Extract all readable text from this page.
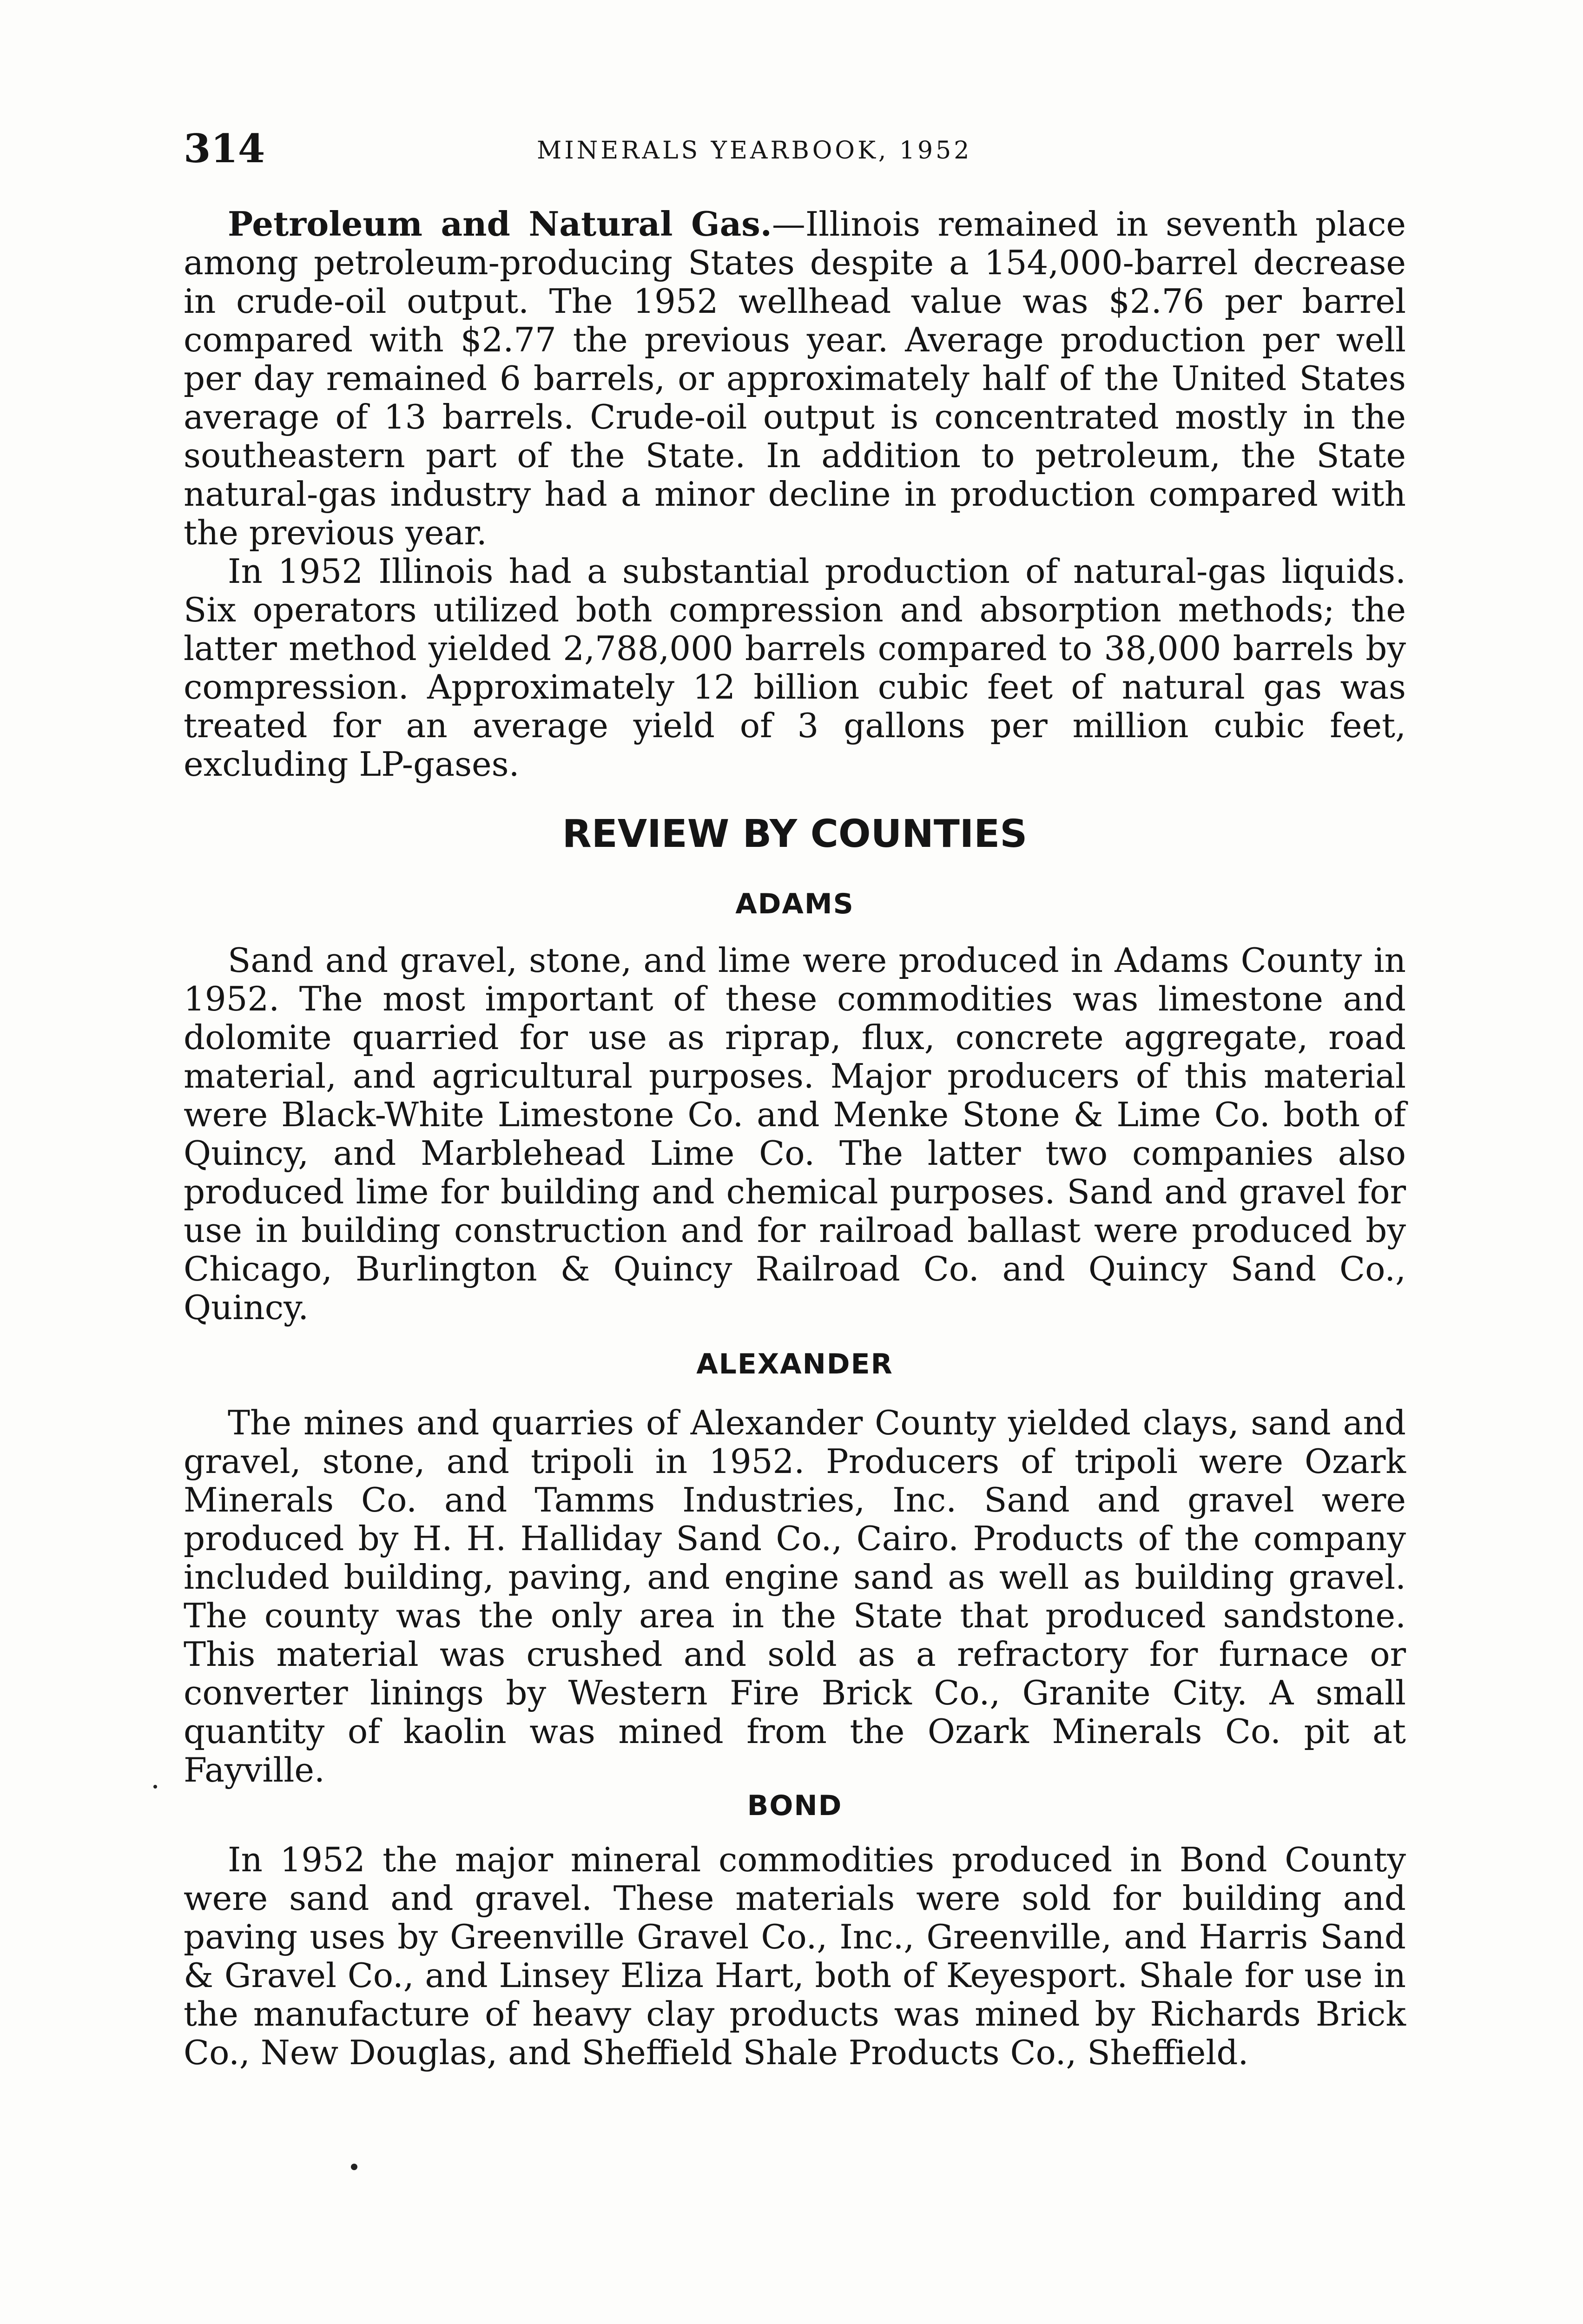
314	MINERALS YEARBOOK, 1952

Petroleum and Natural Gas.—Illinois remained in seventh place among petroleum-producing States despite a 154,000-barrel decrease in crude-oil output. The 1952 wellhead value was $2.76 per barrel compared with $2.77 the previous year. Average production per well per day remained 6 barrels, or approximately half of the United States average of 13 barrels. Crude-oil output is concentrated mostly in the southeastern part of the State. In addition to petroleum, the State natural-gas industry had a minor decline in production compared with the previous year.

In 1952 Illinois had a substantial production of natural-gas liquids. Six operators utilized both compression and absorption methods; the latter method yielded 2,788,000 barrels compared to 38,000 barrels by compression. Approximately 12 billion cubic feet of natural gas was treated for an average yield of 3 gallons per million cubic feet, excluding LP-gases.

REVIEW BY COUNTIES
ADAMS

Sand and gravel, stone, and lime were produced in Adams County in 1952. The most important of these commodities was limestone and dolomite quarried for use as riprap, flux, concrete aggregate, road material, and agricultural purposes. Major producers of this material were Black-White Limestone Co. and Menke Stone & Lime Co. both of Quincy, and Marblehead Lime Co. The latter two companies also produced lime for building and chemical purposes. Sand and gravel for use in building construction and for railroad ballast were produced by Chicago, Burlington & Quincy Railroad Co. and Quincy Sand Co., Quincy.

ALEXANDER

The mines and quarries of Alexander County yielded clays, sand and gravel, stone, and tripoli in 1952. Producers of tripoli were Ozark Minerals Co. and Tamms Industries, Inc. Sand and gravel were produced by H. H. Halliday Sand Co., Cairo. Products of the company included building, paving, and engine sand as well as building gravel. The county was the only area in the State that produced sandstone. This material was crushed and sold as a refractory for furnace or converter linings by Western Fire Brick Co., Granite City. A small quantity of kaolin was mined from the Ozark Minerals Co. pit at Fayville.

BOND

In 1952 the major mineral commodities produced in Bond County were sand and gravel. These materials were sold for building and paving uses by Greenville Gravel Co., Inc., Greenville, and Harris Sand & Gravel Co., and Linsey Eliza Hart, both of Keyesport. Shale for use in the manufacture of heavy clay products was mined by Richards Brick Co., New Douglas, and Sheffield Shale Products Co., Sheffield.
